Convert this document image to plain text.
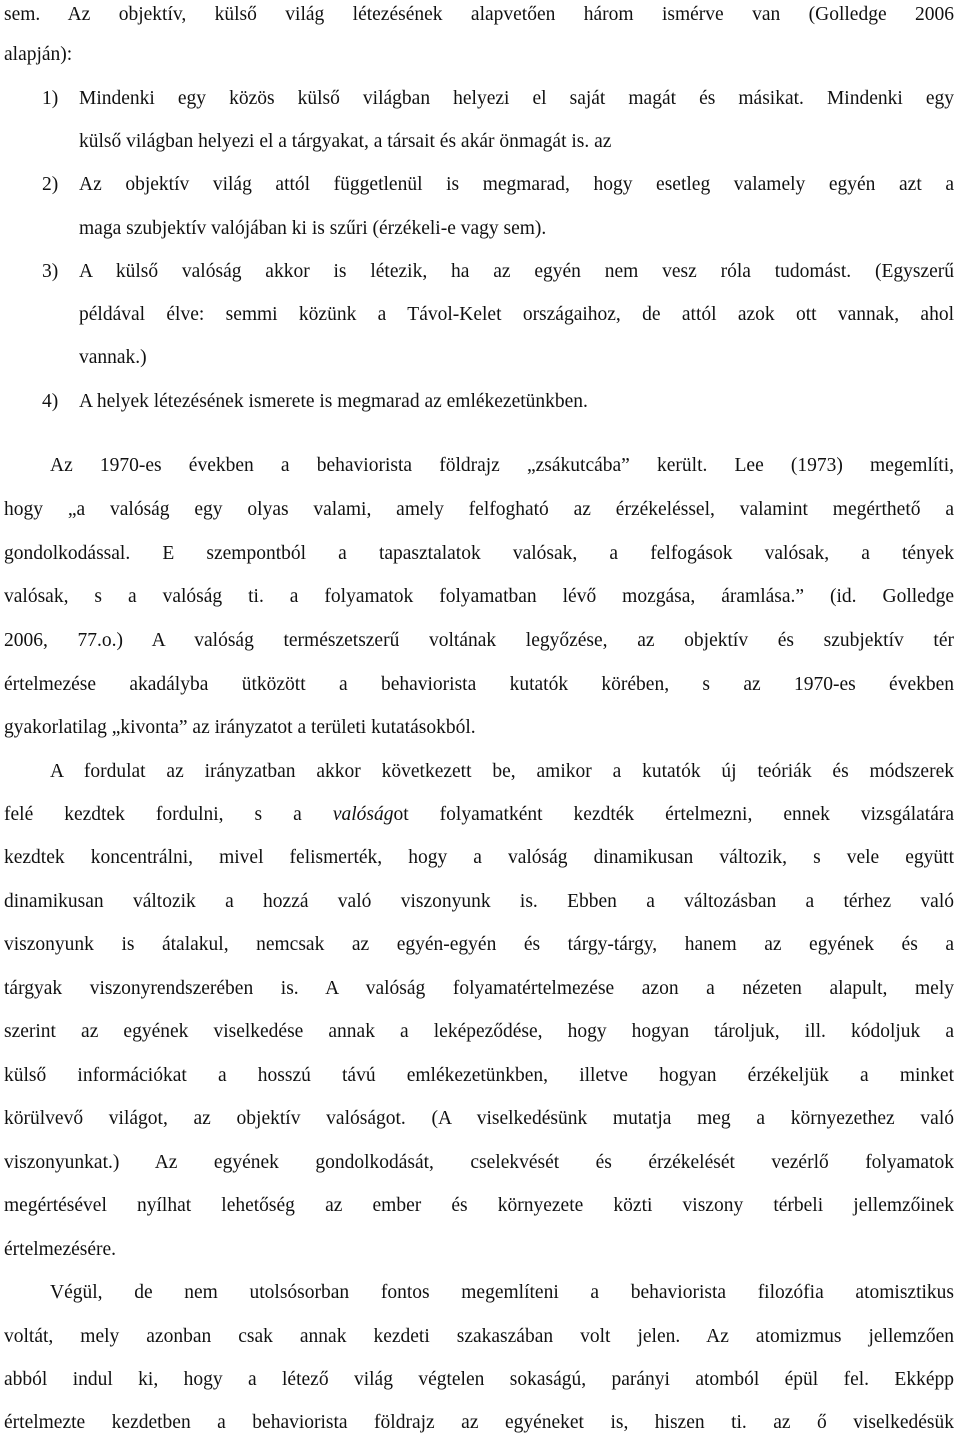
sem. Az objektív, külső világ létezésének alapvetően három ismérve van (Golledge 2006
alapján):
1)	Mindenki egy közös külső világban helyezi el saját magát és másikat. Mindenki egy
külső világban helyezi el a tárgyakat, a társait és akár önmagát is. az
2)	Az objektív világ attól függetlenül is megmarad, hogy esetleg valamely egyén azt a
maga szubjektív valójában ki is szűri (érzékeli-e vagy sem).
3)	A külső valóság akkor is létezik, ha az egyén nem vesz róla tudomást. (Egyszerű
példával élve: semmi közünk a Távol-Kelet országaihoz, de attól azok ott vannak, ahol
vannak.)
4)	A helyek létezésének ismerete is megmarad az emlékezetünkben.
Az 1970-es években a behaviorista földrajz „zsákutcába” került. Lee (1973) megemlíti,
hogy „a valóság egy olyas valami, amely felfogható az érzékeléssel, valamint megérthető a
gondolkodással. E szempontból a tapasztalatok valósak, a felfogások valósak, a tények
valósak, s a valóság ti. a folyamatok folyamatban lévő mozgása, áramlása.” (id. Golledge
2006, 77.o.) A valóság természetszerű voltának legyőzése, az objektív és szubjektív tér
értelmezése akadályba ütközött a behaviorista kutatók körében, s az 1970-es években
gyakorlatilag „kivonta” az irányzatot a területi kutatásokból.
A fordulat az irányzatban akkor következett be, amikor a kutatók új teóriák és módszerek
felé kezdtek fordulni, s a valóságot folyamatként kezdték értelmezni, ennek vizsgálatára
kezdtek koncentrálni, mivel felismerték, hogy a valóság dinamikusan változik, s vele együtt
dinamikusan változik a hozzá való viszonyunk is. Ebben a változásban a térhez való
viszonyunk is átalakul, nemcsak az egyén-egyén és tárgy-tárgy, hanem az egyének és a
tárgyak viszonyrendszerében is. A valóság folyamatértelmezése azon a nézeten alapult, mely
szerint az egyének viselkedése annak a leképeződése, hogy hogyan tároljuk, ill. kódoljuk a
külső információkat a hosszú távú emlékezetünkben, illetve hogyan érzékeljük a minket
körülvevő világot, az objektív valóságot. (A viselkedésünk mutatja meg a környezethez való
viszonyunkat.) Az egyének gondolkodását, cselekvését és érzékelését vezérlő folyamatok
megértésével nyílhat lehetőség az ember és környezete közti viszony térbeli jellemzőinek
értelmezésére.
Végül, de nem utolsósorban fontos megemlíteni a behaviorista filozófia atomisztikus
voltát, mely azonban csak annak kezdeti szakaszában volt jelen. Az atomizmus jellemzően
abból indul ki, hogy a létező világ végtelen sokaságú, parányi atomból épül fel. Ekképp
értelmezte kezdetben a behaviorista földrajz az egyéneket is, hiszen ti. az ő viselkedésük
